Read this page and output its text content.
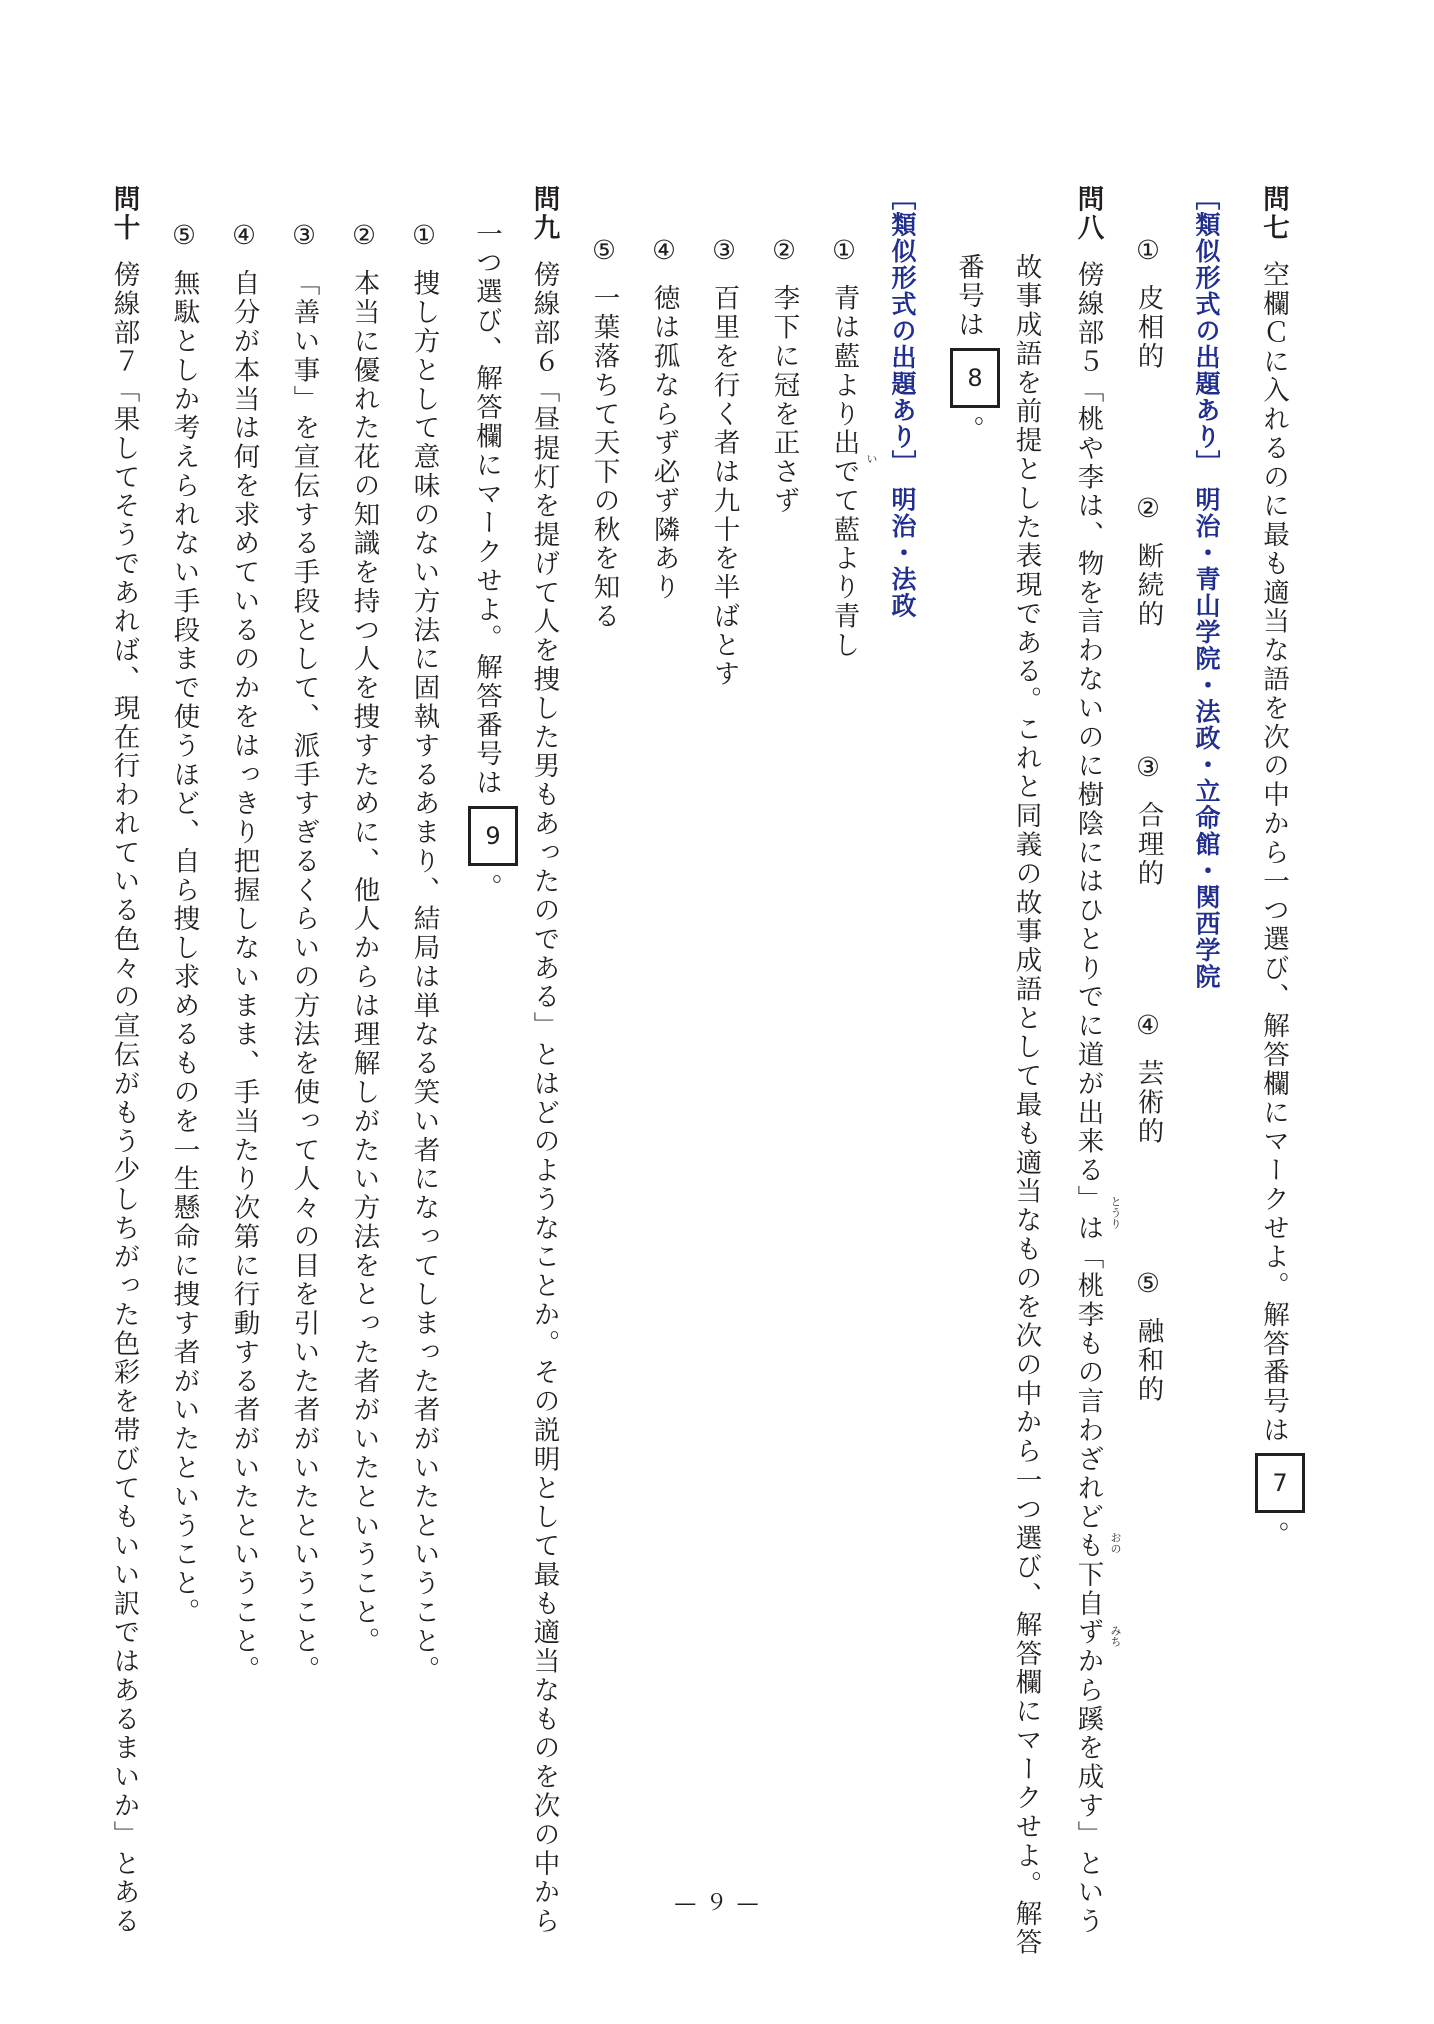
問七空欄Ｃに入れるのに最も適当な語を次の中から一つ選び、解答欄にマークせよ。解答番号は7。
［類似形式の出題あり］ 明治・青山学院・法政・立命館・関西学院
①皮相的
②断続的
③合理的
④芸術的
⑤融和的
問八傍線部５「桃や李は、物を言わないのに樹陰にはひとりでに道が出来る」は「桃李もの言わざれども下自ずから蹊を成す」という
故事成語を前提とした表現である。これと同義の故事成語として最も適当なものを次の中から一つ選び、解答欄にマークせよ。解答
番号は8。
とうり
おの
みち
［類似形式の出題あり］ 明治・法政
①青は藍より出でて藍より青し い
②李下に冠を正さず
③百里を行く者は九十を半ばとす
④徳は孤ならず必ず隣あり
⑤一葉落ちて天下の秋を知る
問九傍線部６「昼提灯を提げて人を捜した男もあったのである」とはどのようなことか。その説明として最も適当なものを次の中から
一つ選び、解答欄にマークせよ。解答番号は9。
①捜し方として意味のない方法に固執するあまり、結局は単なる笑い者になってしまった者がいたということ。
②本当に優れた花の知識を持つ人を捜すために、他人からは理解しがたい方法をとった者がいたということ。
③「善い事」を宣伝する手段として、派手すぎるくらいの方法を使って人々の目を引いた者がいたということ。
④自分が本当は何を求めているのかをはっきり把握しないまま、手当たり次第に行動する者がいたということ。
⑤無駄としか考えられない手段まで使うほど、自ら捜し求めるものを一生懸命に捜す者がいたということ。
問十傍線部７「果してそうであれば、現在行われている色々の宣伝がもう少しちがった色彩を帯びてもいい訳ではあるまいか」とある	— ９ —
